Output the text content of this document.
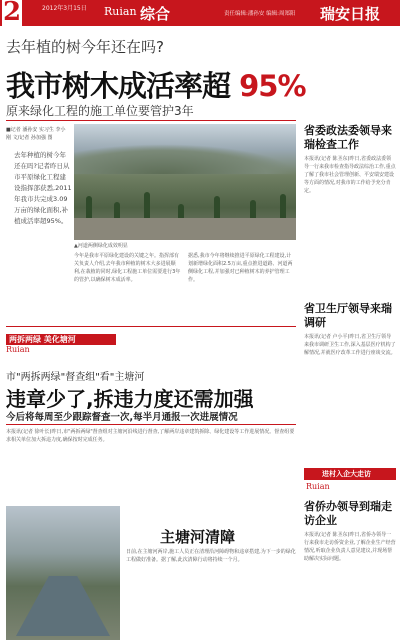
2	2012年3月15日 Ruian 综合	责任编辑:潘孙安 编辑:周郑阳 瑞安日报
去年植的树今年还在吗?
我市树木成活率超 95%
原来绿化工程的施工单位要管护3年
■记者 潘孙安 实习生 李小刚 文/记者 孙加强 图
去年种植的树今年还在吗?记者昨日从市平原绿化工程建设指挥部获悉,2011年我市共完成3.09万亩的绿化面积,补植成活率超95%。
▲河道两侧绿化成效明显
今年是我市平原绿化建设的关键之年。指挥部有关负责人介绍,去年我市种植的树木大多进展顺利,在栽植的同时,绿化工程施工单位需要进行3年的管护,以确保树木成活率。
据悉,我市今年将继续推进平原绿化工程建设,计划新增绿化面积2.5万亩,重点推进道路、河道两侧绿化工程,并加强对已种植树木的养护管理工作。
省委政法委领导来瑞检查工作

本报讯(记者 陈圣东)昨日,省委政法委领导一行来我市检查指导政法综治工作,重点了解了我市社会管理创新、平安瑞安建设等方面的情况,对我市的工作给予充分肯定。

省卫生厅领导来瑞调研

本报讯(记者 卢小平)昨日,省卫生厅领导来我市调研卫生工作,深入基层医疗机构了解情况,并就医疗改革工作进行座谈交流。

两拆两绿 美化塘河
Ruian
市"两拆两绿"督查组"看"主塘河
违章少了,拆违力度还需加强
今后将每周至少跟踪督查一次,每半月通报一次进展情况
本报讯(记者 徐叶长)昨日,市"两拆两绿"督查组对主塘河沿线进行督查,了解两岸违章建筑拆除、绿化建设等工作进展情况。督查组要求相关单位加大拆违力度,确保按时完成任务。
主塘河清障
日前,在主塘河两岸,施工人员正在清理沿河障碍物和违章搭建,为下一步的绿化工程做好准备。据了解,此次清障行动将持续一个月。
进村入企大走访
Ruian
省侨办领导到瑞走访企业

本报讯(记者 陈圣东)昨日,省侨办领导一行来我市走访侨资企业,了解企业生产经营情况,听取企业负责人意见建议,并现场帮助解决实际问题。
